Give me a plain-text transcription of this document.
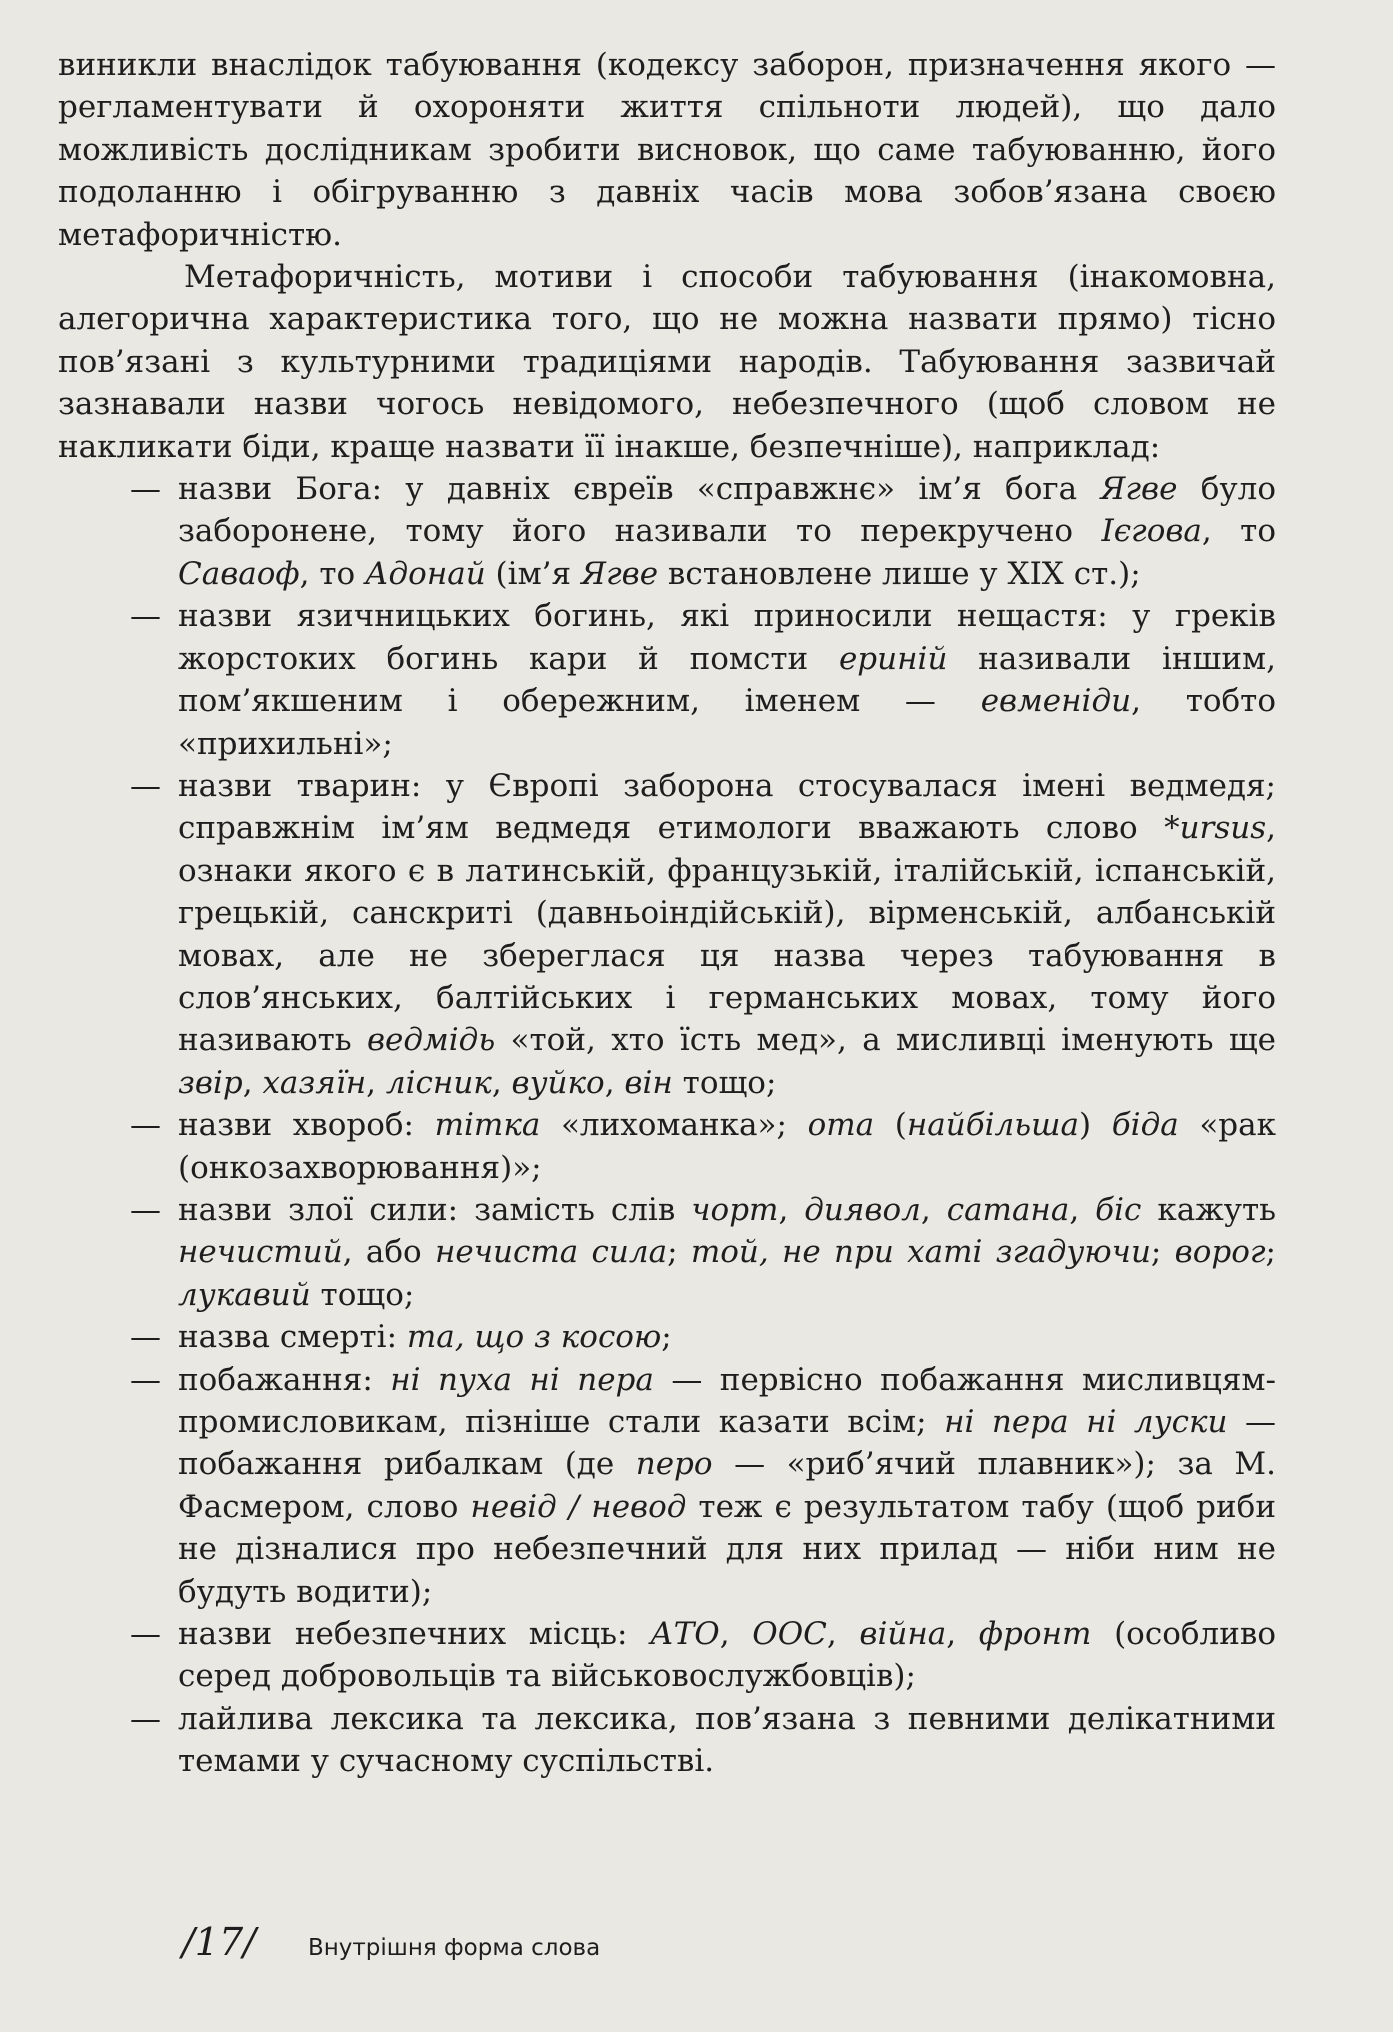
виникли внаслідок табуювання (кодексу заборон, призначення якого — регламентувати й охороняти життя спільноти людей), що дало можливість дослідникам зробити висновок, що саме табуюванню, його подоланню і обігруванню з давніх часів мова зобов’язана своєю метафоричністю.

Метафоричність, мотиви і способи табуювання (інакомовна, алегорична характеристика того, що не можна назвати прямо) тісно пов’язані з культурними традиціями народів. Табуювання зазвичай зазнавали назви чогось невідомого, небезпечного (щоб словом не накликати біди, краще назвати її інакше, безпечніше), наприклад:

— назви Бога: у давніх євреїв «справжнє» ім’я бога Ягве було заборонене, тому його називали то перекручено Ієгова, то Саваоф, то Адонай (ім’я Ягве встановлене лише у XIX ст.);
— назви язичницьких богинь, які приносили нещастя: у греків жорстоких богинь кари й помсти ериній називали іншим, пом’якшеним і обережним, іменем — евменіди, тобто «прихильні»;
— назви тварин: у Європі заборона стосувалася імені ведмедя; справжнім ім’ям ведмедя етимологи вважають слово *ursus, ознаки якого є в латинській, французькій, італійській, іспанській, грецькій, санскриті (давньоіндійській), вірменській, албанській мовах, але не збереглася ця назва через табуювання в слов’янських, балтійських і германських мовах, тому його називають ведмідь «той, хто їсть мед», а мисливці іменують ще звір, хазяїн, лісник, вуйко, він тощо;
— назви хвороб: тітка «лихоманка»; ота (найбільша) біда «рак (онкозахворювання)»;
— назви злої сили: замість слів чорт, диявол, сатана, біс кажуть нечистий, або нечиста сила; той, не при хаті згадуючи; ворог; лукавий тощо;
— назва смерті: та, що з косою;
— побажання: ні пуха ні пера — первісно побажання мисливцям-промисловикам, пізніше стали казати всім; ні пера ні луски — побажання рибалкам (де перо — «риб’ячий плавник»); за М. Фасмером, слово невід / невод теж є результатом табу (щоб риби не дізналися про небезпечний для них прилад — ніби ним не будуть водити);
— назви небезпечних місць: АТО, ООС, війна, фронт (особливо серед добровольців та військовослужбовців);
— лайлива лексика та лексика, пов’язана з певними делікатними темами у сучасному суспільстві.
/17/ Внутрішня форма слова
